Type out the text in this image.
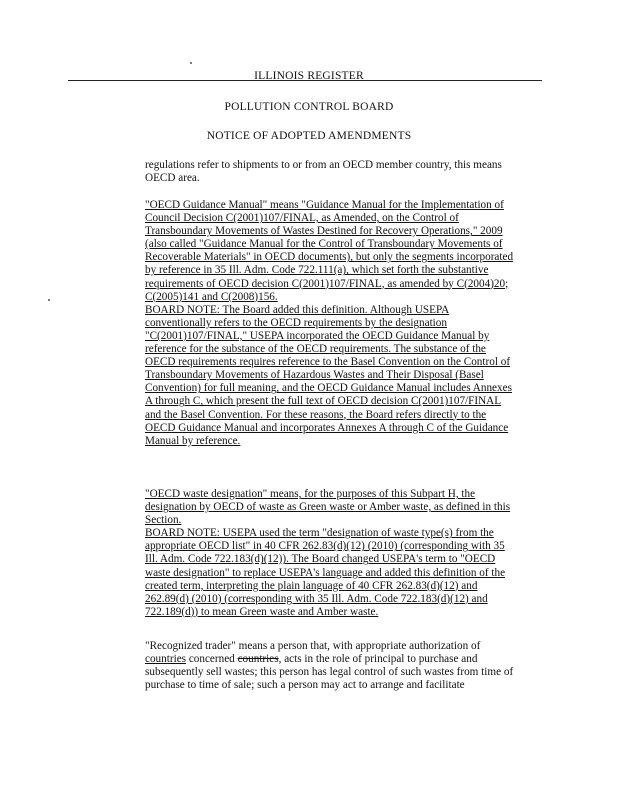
ILLINOIS REGISTER
POLLUTION CONTROL BOARD
NOTICE OF ADOPTED AMENDMENTS
regulations refer to shipments to or from an OECD member country, this means
OECD area.
"OECD Guidance Manual" means "Guidance Manual for the Implementation of
Council Decision C(2001)107/FINAL, as Amended, on the Control of
Transboundary Movements of Wastes Destined for Recovery Operations," 2009
(also called "Guidance Manual for the Control of Transboundary Movements of
Recoverable Materials" in OECD documents), but only the segments incorporated
by reference in 35 Ill. Adm. Code 722.111(a), which set forth the substantive
requirements of OECD decision C(2001)107/FINAL, as amended by C(2004)20;
C(2005)141 and C(2008)156.
BOARD NOTE: The Board added this definition. Although USEPA
conventionally refers to the OECD requirements by the designation
"C(2001)107/FINAL," USEPA incorporated the OECD Guidance Manual by
reference for the substance of the OECD requirements. The substance of the
OECD requirements requires reference to the Basel Convention on the Control of
Transboundary Movements of Hazardous Wastes and Their Disposal (Basel
Convention) for full meaning, and the OECD Guidance Manual includes Annexes
A through C, which present the full text of OECD decision C(2001)107/FINAL
and the Basel Convention. For these reasons, the Board refers directly to the
OECD Guidance Manual and incorporates Annexes A through C of the Guidance
Manual by reference.
"OECD waste designation" means, for the purposes of this Subpart H, the
designation by OECD of waste as Green waste or Amber waste, as defined in this
Section.
BOARD NOTE: USEPA used the term "designation of waste type(s) from the
appropriate OECD list" in 40 CFR 262.83(d)(12) (2010) (corresponding with 35
Ill. Adm. Code 722.183(d)(12)). The Board changed USEPA's term to "OECD
waste designation" to replace USEPA's language and added this definition of the
created term, interpreting the plain language of 40 CFR 262.83(d)(12) and
262.89(d) (2010) (corresponding with 35 Ill. Adm. Code 722.183(d)(12) and
722.189(d)) to mean Green waste and Amber waste.
"Recognized trader" means a person that, with appropriate authorization of
countries concerned countries, acts in the role of principal to purchase and
subsequently sell wastes; this person has legal control of such wastes from time of
purchase to time of sale; such a person may act to arrange and facilitate
